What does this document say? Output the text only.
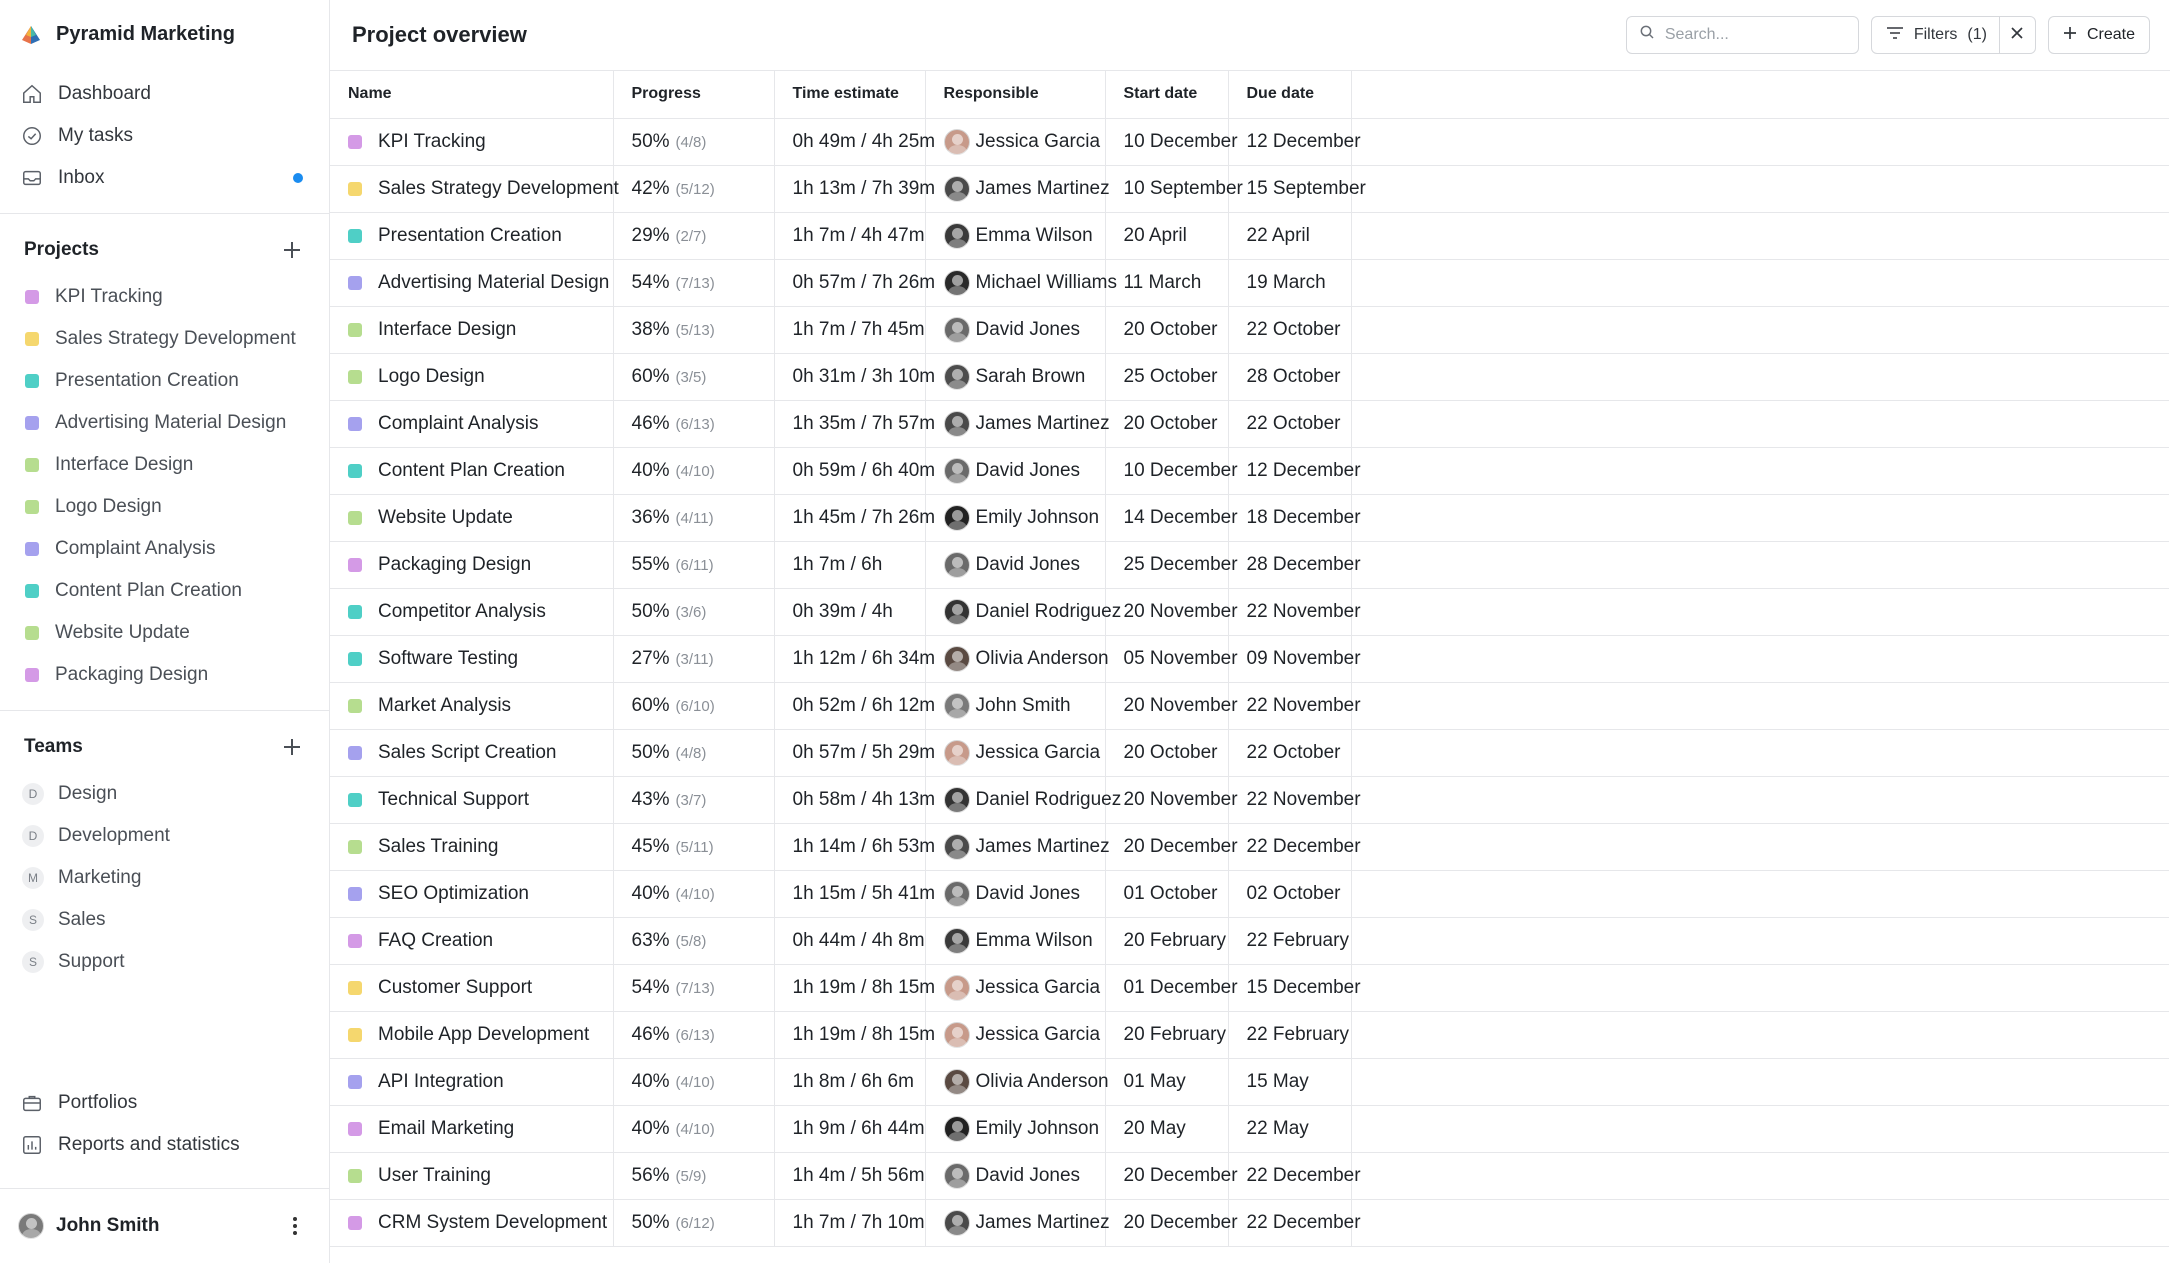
Pyramid Marketing
Dashboard
My tasks
Inbox
Projects
KPI Tracking
Sales Strategy Development
Presentation Creation
Advertising Material Design
Interface Design
Logo Design
Complaint Analysis
Content Plan Creation
Website Update
Packaging Design
Teams
D	Design
D	Development
M	Marketing
S	Sales
S	Support
Portfolios
Reports and statistics
John Smith
Project overview
Search...	Filters (1)	Create
Name	Progress	Time estimate	Responsible	Start date	Due date	

KPI Tracking	50% (4/8)	0h 49m / 4h 25m	Jessica Garcia	10 December	12 December	

Sales Strategy Development	42% (5/12)	1h 13m / 7h 39m	James Martinez	10 September	15 September	

Presentation Creation	29% (2/7)	1h 7m / 4h 47m	Emma Wilson	20 April	22 April	

Advertising Material Design	54% (7/13)	0h 57m / 7h 26m	Michael Williams	11 March	19 March	

Interface Design	38% (5/13)	1h 7m / 7h 45m	David Jones	20 October	22 October	

Logo Design	60% (3/5)	0h 31m / 3h 10m	Sarah Brown	25 October	28 October	

Complaint Analysis	46% (6/13)	1h 35m / 7h 57m	James Martinez	20 October	22 October	

Content Plan Creation	40% (4/10)	0h 59m / 6h 40m	David Jones	10 December	12 December	

Website Update	36% (4/11)	1h 45m / 7h 26m	Emily Johnson	14 December	18 December	

Packaging Design	55% (6/11)	1h 7m / 6h	David Jones	25 December	28 December	

Competitor Analysis	50% (3/6)	0h 39m / 4h	Daniel Rodriguez	20 November	22 November	

Software Testing	27% (3/11)	1h 12m / 6h 34m	Olivia Anderson	05 November	09 November	

Market Analysis	60% (6/10)	0h 52m / 6h 12m	John Smith	20 November	22 November	

Sales Script Creation	50% (4/8)	0h 57m / 5h 29m	Jessica Garcia	20 October	22 October	

Technical Support	43% (3/7)	0h 58m / 4h 13m	Daniel Rodriguez	20 November	22 November	

Sales Training	45% (5/11)	1h 14m / 6h 53m	James Martinez	20 December	22 December	

SEO Optimization	40% (4/10)	1h 15m / 5h 41m	David Jones	01 October	02 October	

FAQ Creation	63% (5/8)	0h 44m / 4h 8m	Emma Wilson	20 February	22 February	

Customer Support	54% (7/13)	1h 19m / 8h 15m	Jessica Garcia	01 December	15 December	

Mobile App Development	46% (6/13)	1h 19m / 8h 15m	Jessica Garcia	20 February	22 February	

API Integration	40% (4/10)	1h 8m / 6h 6m	Olivia Anderson	01 May	15 May	

Email Marketing	40% (4/10)	1h 9m / 6h 44m	Emily Johnson	20 May	22 May	

User Training	56% (5/9)	1h 4m / 5h 56m	David Jones	20 December	22 December	

CRM System Development	50% (6/12)	1h 7m / 7h 10m	James Martinez	20 December	22 December	
